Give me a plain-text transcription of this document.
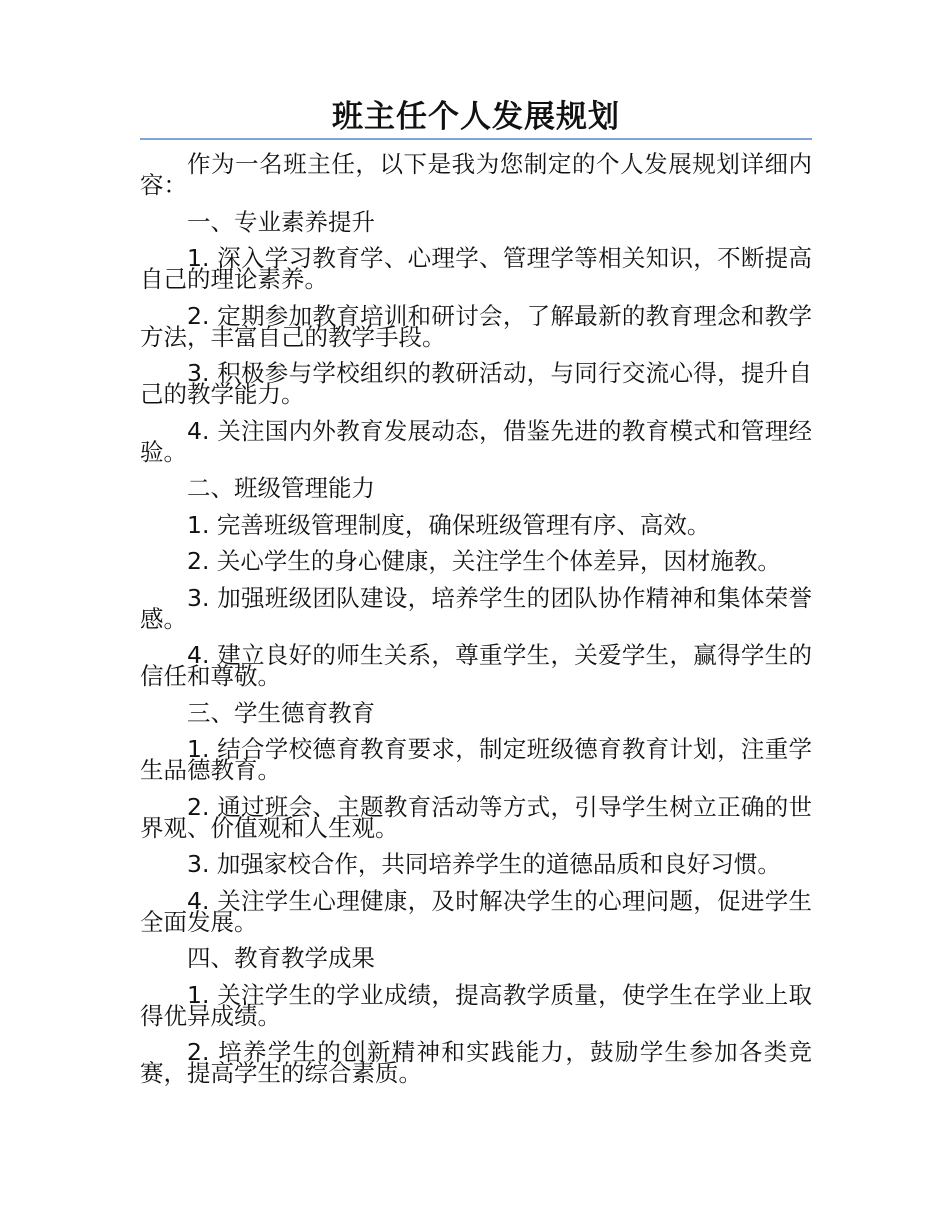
班主任个人发展规划

作为一名班主任，以下是我为您制定的个人发展规划详细内容：

一、专业素养提升

1. 深入学习教育学、心理学、管理学等相关知识，不断提高自己的理论素养。

2. 定期参加教育培训和研讨会，了解最新的教育理念和教学方法，丰富自己的教学手段。

3. 积极参与学校组织的教研活动，与同行交流心得，提升自己的教学能力。

4. 关注国内外教育发展动态，借鉴先进的教育模式和管理经验。

二、班级管理能力

1. 完善班级管理制度，确保班级管理有序、高效。

2. 关心学生的身心健康，关注学生个体差异，因材施教。

3. 加强班级团队建设，培养学生的团队协作精神和集体荣誉感。

4. 建立良好的师生关系，尊重学生，关爱学生，赢得学生的信任和尊敬。

三、学生德育教育

1. 结合学校德育教育要求，制定班级德育教育计划，注重学生品德教育。

2. 通过班会、主题教育活动等方式，引导学生树立正确的世界观、价值观和人生观。

3. 加强家校合作，共同培养学生的道德品质和良好习惯。

4. 关注学生心理健康，及时解决学生的心理问题，促进学生全面发展。

四、教育教学成果

1. 关注学生的学业成绩，提高教学质量，使学生在学业上取得优异成绩。

2. 培养学生的创新精神和实践能力，鼓励学生参加各类竞赛，提高学生的综合素质。
